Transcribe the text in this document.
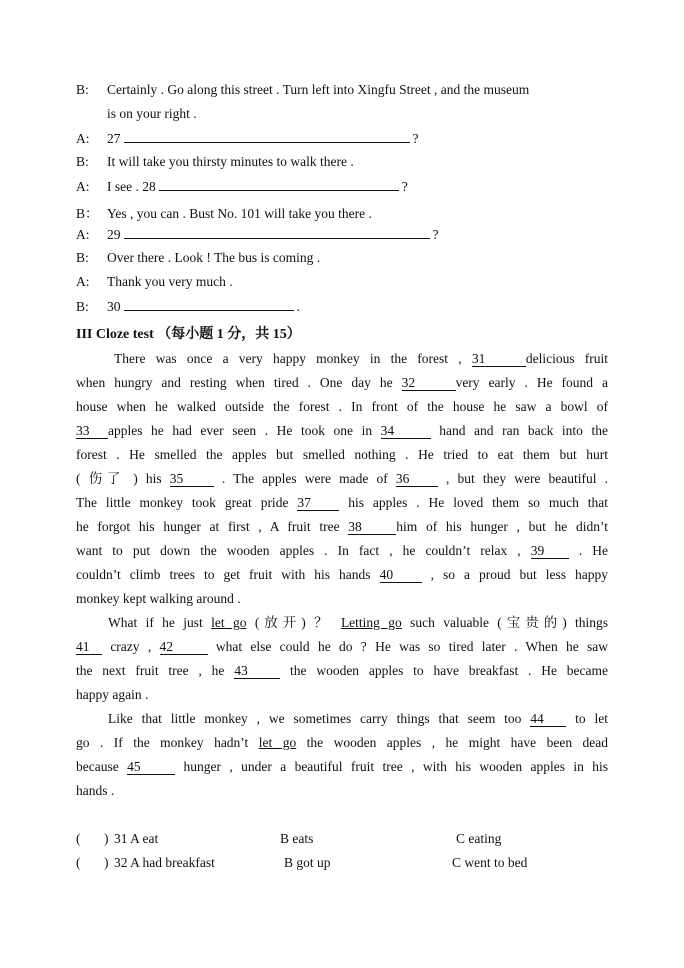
B: Certainly . Go along this street . Turn left into Xingfu Street , and the museum
is on your right .
A: 27	?
B: It will take you thirsty minutes to walk there .
A: I see . 28	?
B： Yes , you can . Bust No. 101 will take you there .
A: 29	?
B: Over there . Look ! The bus is coming .
A: Thank you very much .
B: 30	.
III Cloze test （每小题 1 分，共 15）
There was once a very happy monkey in the forest , 31	delicious fruit
when hungry and resting when tired . One day he 32	very early . He found a
house when he walked outside the forest . In front of the house he saw a bowl of
33 apples he had ever seen . He took one in 34	hand and ran back into the
forest . He smelled the apples but smelled nothing . He tried to eat them but hurt
( 伤了 ) his 35	. The apples were made of 36	, but they were beautiful .
The little monkey took great pride 37	his apples . He loved them so much that
he forgot his hunger at first , A fruit tree 38	him of his hunger , but he didn’t
want to put down the wooden apples . In fact , he couldn’t relax , 39	. He
couldn’t climb trees to get fruit with his hands 40	, so a proud but less happy
monkey kept walking around .
What if he just let go (放开) ？ Letting go such valuable (宝贵的) things
41 crazy , 42	what else could he do ? He was so tired later . When he saw
the next fruit tree , he 43	the wooden apples to have breakfast . He became
happy again .
Like that little monkey , we sometimes carry things that seem too 44 to let
go . If the monkey hadn’t let go the wooden apples , he might have been dead
because 45	hunger , under a beautiful fruit tree , with his wooden apples in his
hands .
( ) 31 A eat	B eats	C eating
( ) 32 A had breakfast	B got up	C went to bed
